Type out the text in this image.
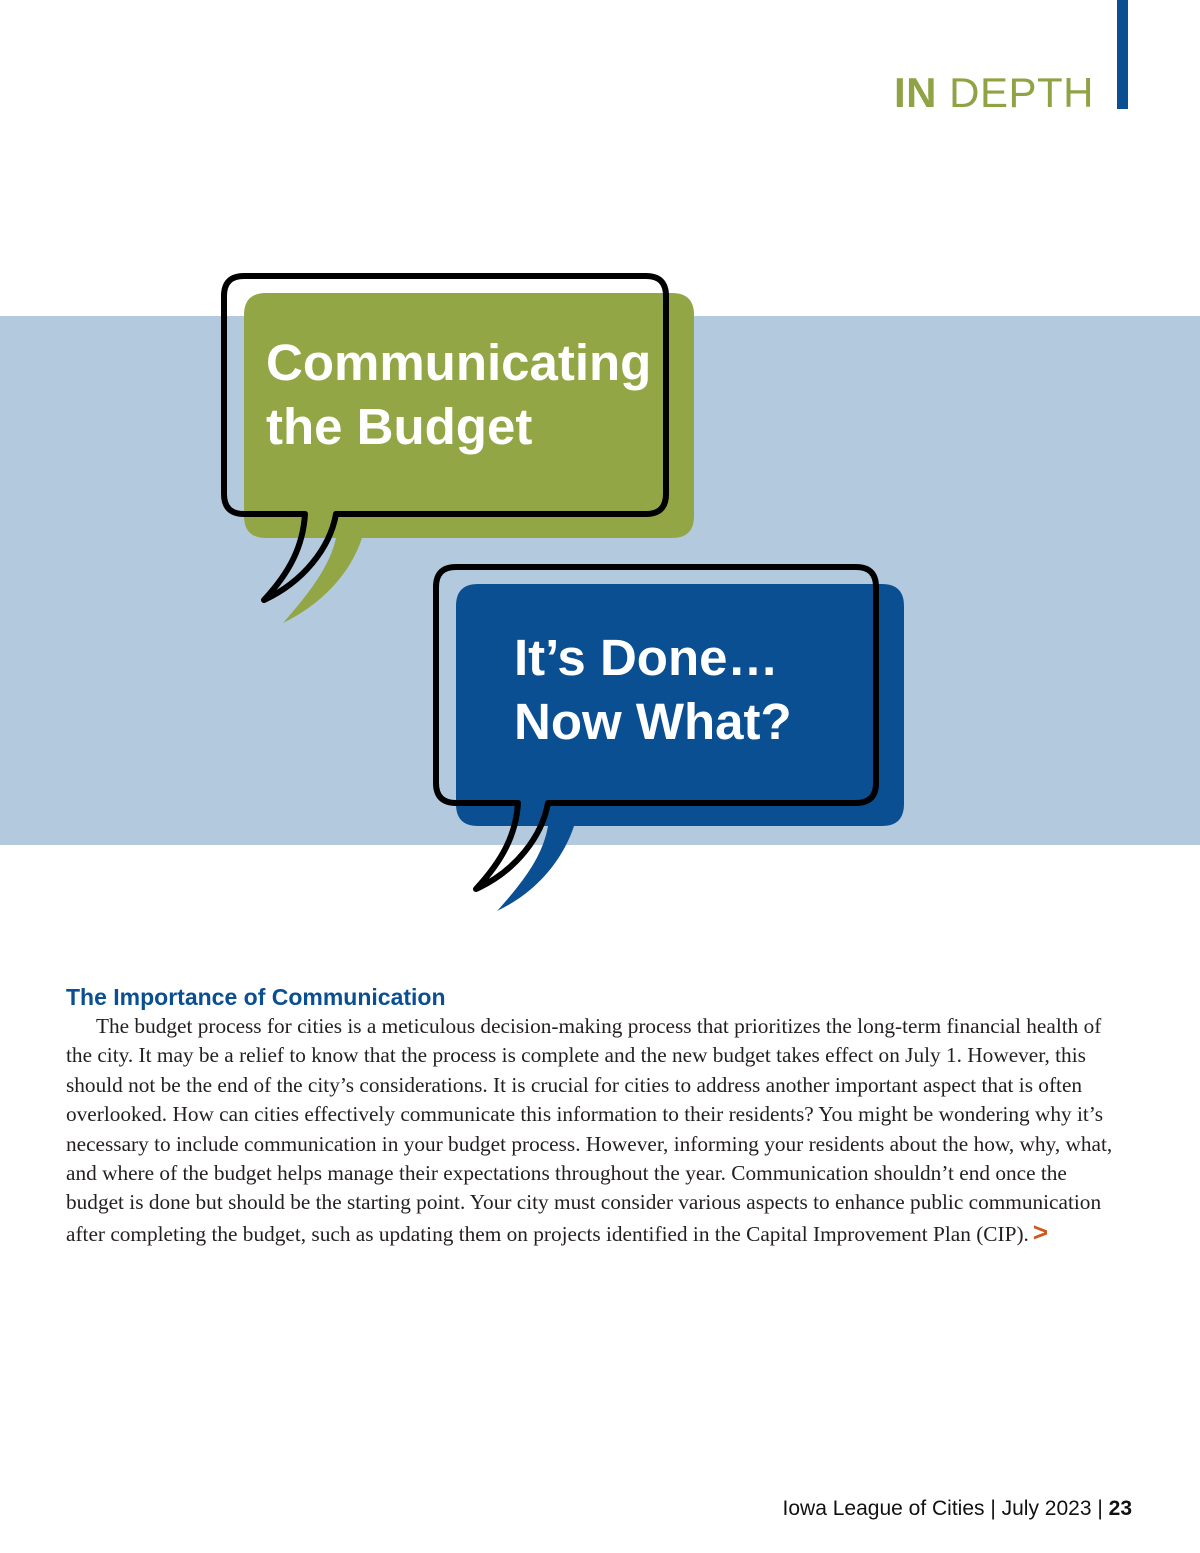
IN DEPTH
Communicating
the Budget
It’s Done…
Now What?
The Importance of Communication

The budget process for cities is a meticulous decision-making process that prioritizes the long-term financial health of the city. It may be a relief to know that the process is complete and the new budget takes effect on July 1. However, this should not be the end of the city’s considerations. It is crucial for cities to address another important aspect that is often overlooked. How can cities effectively communicate this information to their residents? You might be wondering why it’s necessary to include communication in your budget process. However, informing your residents about the how, why, what, and where of the budget helps manage their expectations throughout the year. Communication shouldn’t end once the budget is done but should be the starting point. Your city must consider various aspects to enhance public communication after completing the budget, such as updating them on projects identified in the Capital Improvement Plan (CIP). >

Iowa League of Cities | July 2023 | 23
